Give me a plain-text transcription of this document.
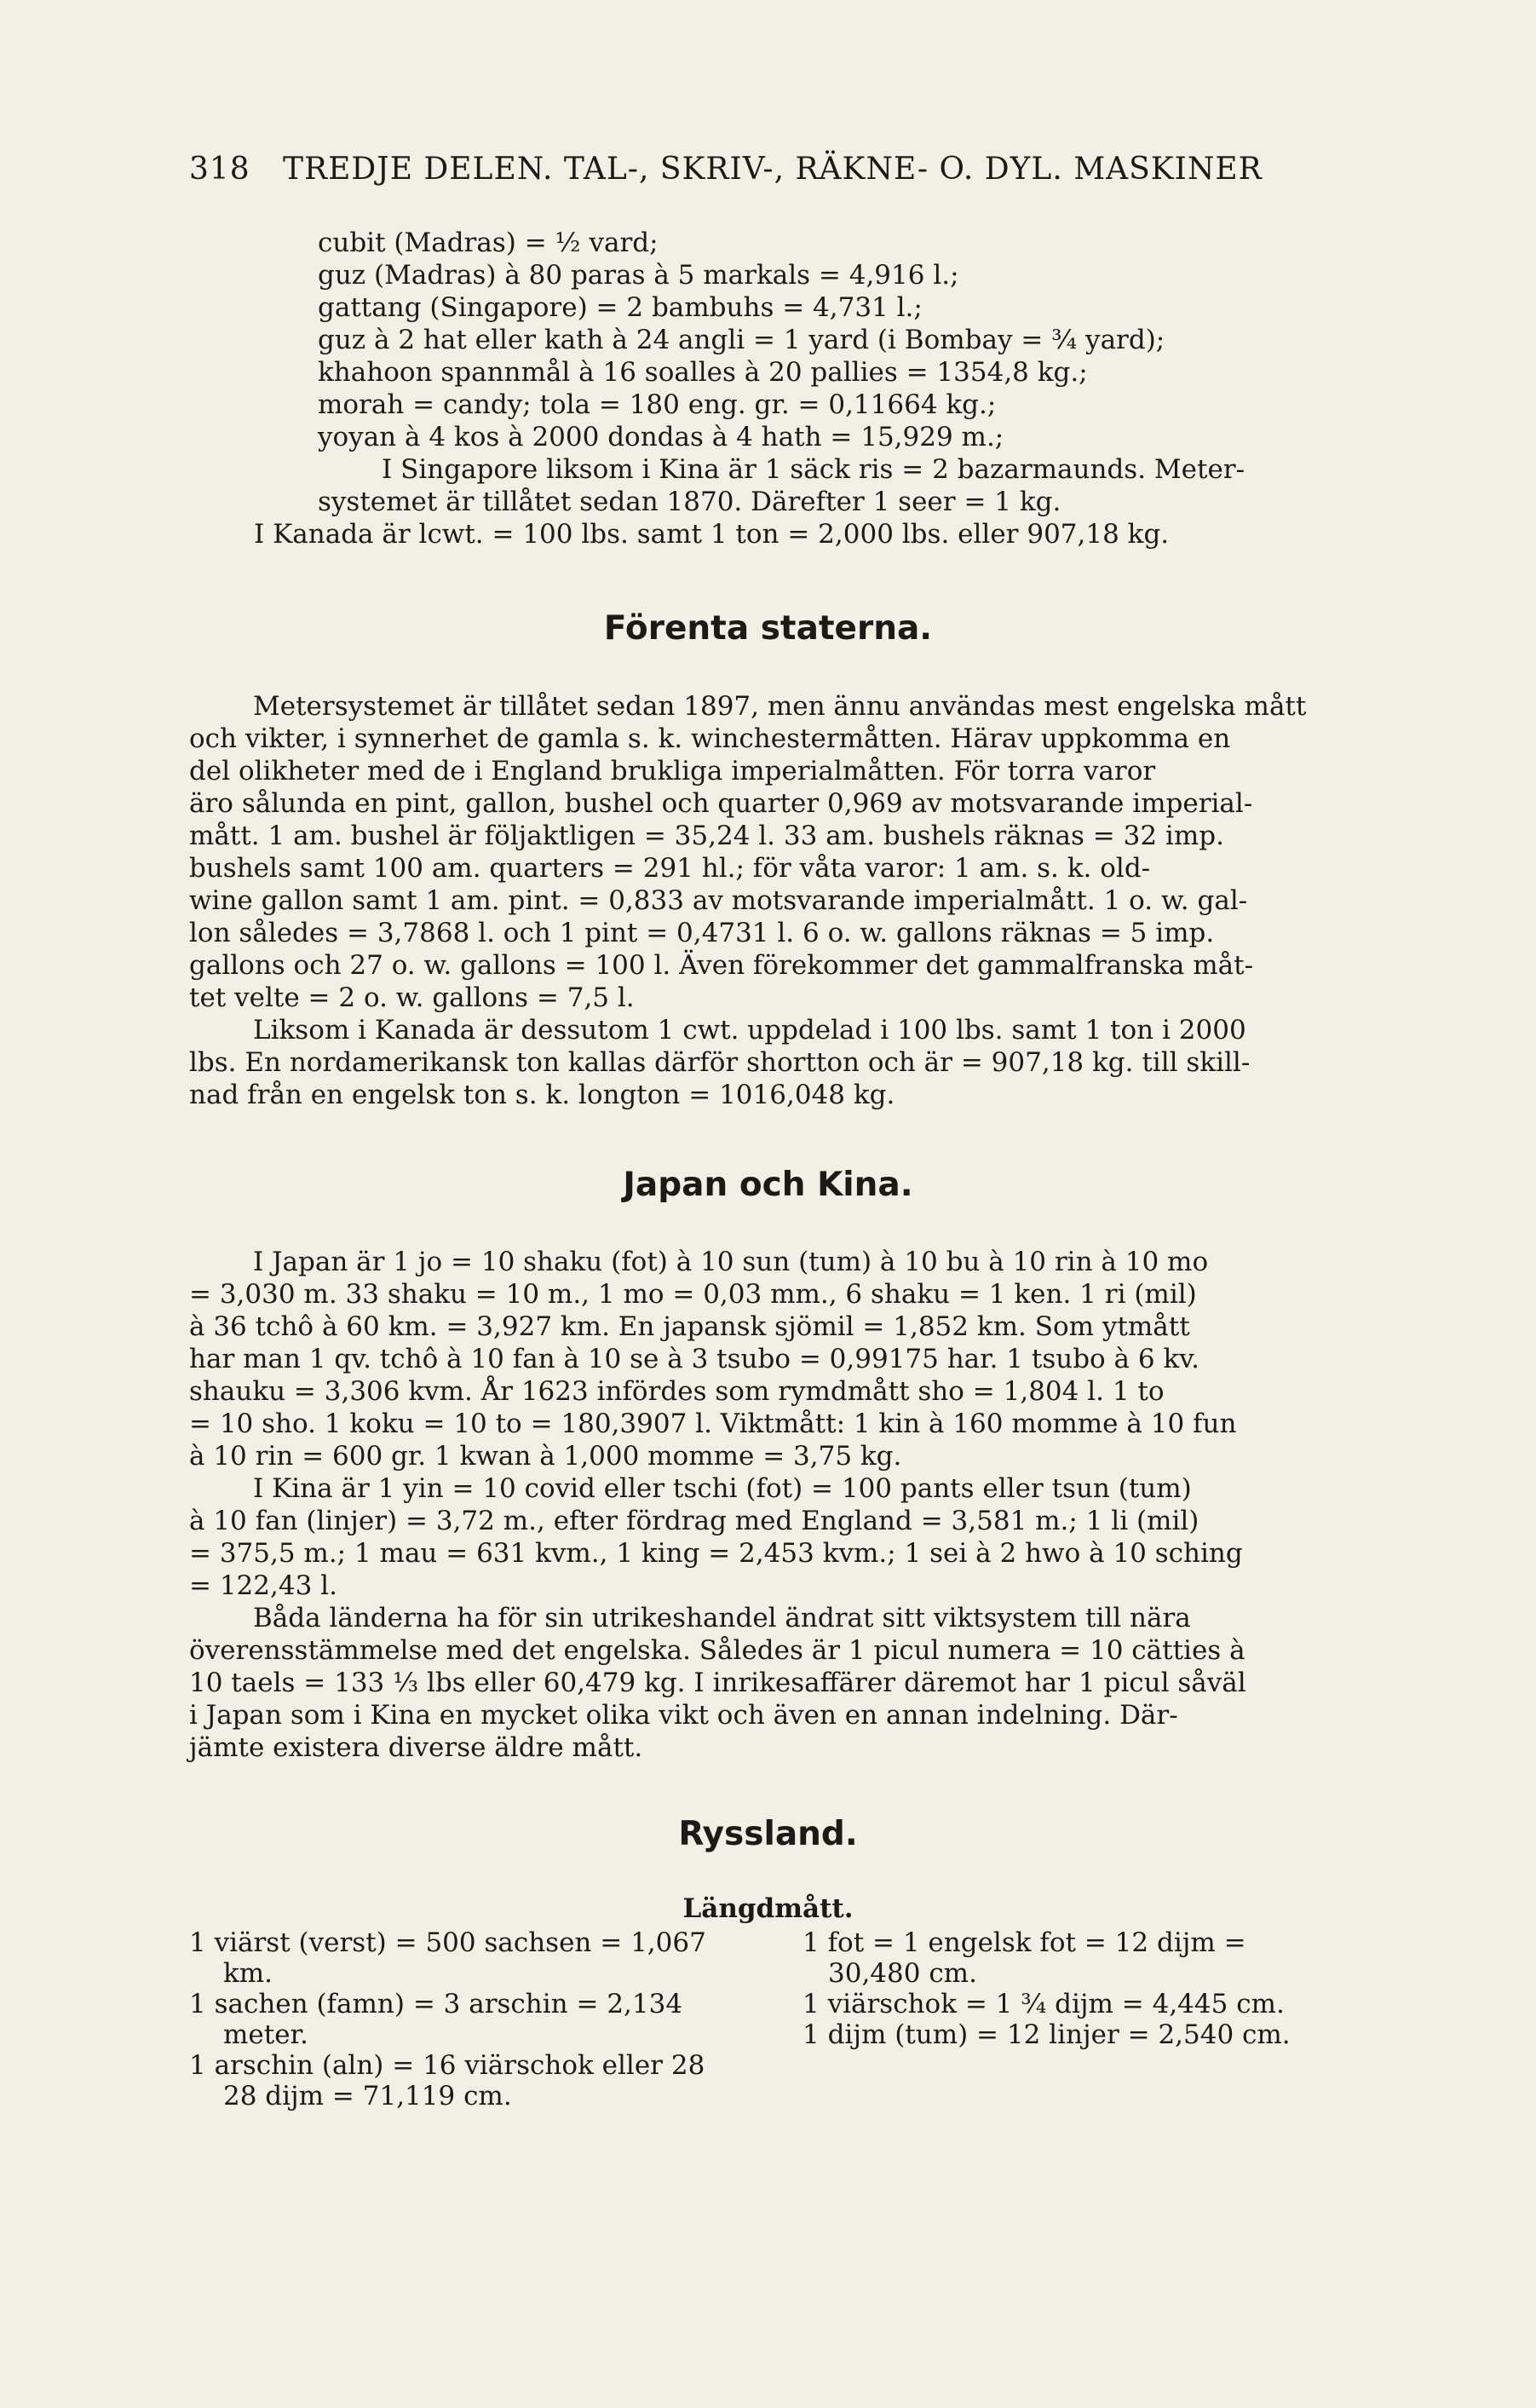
318 TREDJE DELEN. TAL-, SKRIV-, RÄKNE- O. DYL. MASKINER

cubit (Madras) = ½ vard;

guz (Madras) à 80 paras à 5 markals = 4,916 l.;

gattang (Singapore) = 2 bambuhs = 4,731 l.;

guz à 2 hat eller kath à 24 angli = 1 yard (i Bombay = ¾ yard);

khahoon spannmål à 16 soalles à 20 pallies = 1354,8 kg.;

morah = candy; tola = 180 eng. gr. = 0,11664 kg.;

yoyan à 4 kos à 2000 dondas à 4 hath = 15,929 m.;

I Singapore liksom i Kina är 1 säck ris = 2 bazarmaunds. Meter-

systemet är tillåtet sedan 1870. Därefter 1 seer = 1 kg.

I Kanada är lcwt. = 100 lbs. samt 1 ton = 2,000 lbs. eller 907,18 kg.

Förenta staterna.

Metersystemet är tillåtet sedan 1897, men ännu användas mest engelska mått

och vikter, i synnerhet de gamla s. k. winchestermåtten. Härav uppkomma en

del olikheter med de i England brukliga imperialmåtten. För torra varor

äro sålunda en pint, gallon, bushel och quarter 0,969 av motsvarande imperial-

mått. 1 am. bushel är följaktligen = 35,24 l. 33 am. bushels räknas = 32 imp.

bushels samt 100 am. quarters = 291 hl.; för våta varor: 1 am. s. k. old-

wine gallon samt 1 am. pint. = 0,833 av motsvarande imperialmått. 1 o. w. gal-

lon således = 3,7868 l. och 1 pint = 0,4731 l. 6 o. w. gallons räknas = 5 imp.

gallons och 27 o. w. gallons = 100 l. Även förekommer det gammalfranska måt-

tet velte = 2 o. w. gallons = 7,5 l.

Liksom i Kanada är dessutom 1 cwt. uppdelad i 100 lbs. samt 1 ton i 2000

lbs. En nordamerikansk ton kallas därför shortton och är = 907,18 kg. till skill-

nad från en engelsk ton s. k. longton = 1016,048 kg.

Japan och Kina.

I Japan är 1 jo = 10 shaku (fot) à 10 sun (tum) à 10 bu à 10 rin à 10 mo

= 3,030 m. 33 shaku = 10 m., 1 mo = 0,03 mm., 6 shaku = 1 ken. 1 ri (mil)

à 36 tchô à 60 km. = 3,927 km. En japansk sjömil = 1,852 km. Som ytmått

har man 1 qv. tchô à 10 fan à 10 se à 3 tsubo = 0,99175 har. 1 tsubo à 6 kv.

shauku = 3,306 kvm. År 1623 infördes som rymdmått sho = 1,804 l. 1 to

= 10 sho. 1 koku = 10 to = 180,3907 l. Viktmått: 1 kin à 160 momme à 10 fun

à 10 rin = 600 gr. 1 kwan à 1,000 momme = 3,75 kg.

I Kina är 1 yin = 10 covid eller tschi (fot) = 100 pants eller tsun (tum)

à 10 fan (linjer) = 3,72 m., efter fördrag med England = 3,581 m.; 1 li (mil)

= 375,5 m.; 1 mau = 631 kvm., 1 king = 2,453 kvm.; 1 sei à 2 hwo à 10 sching

= 122,43 l.

Båda länderna ha för sin utrikeshandel ändrat sitt viktsystem till nära

överensstämmelse med det engelska. Således är 1 picul numera = 10 cätties à

10 taels = 133 ⅓ lbs eller 60,479 kg. I inrikesaffärer däremot har 1 picul såväl

i Japan som i Kina en mycket olika vikt och även en annan indelning. Där-

jämte existera diverse äldre mått.

Ryssland.
Längdmått.

1 viärst (verst) = 500 sachsen = 1,067

km.

1 sachen (famn) = 3 arschin = 2,134

meter.

1 arschin (aln) = 16 viärschok eller 28

28 dijm = 71,119 cm.

1 fot = 1 engelsk fot = 12 dijm =

30,480 cm.

1 viärschok = 1 ¾ dijm = 4,445 cm.

1 dijm (tum) = 12 linjer = 2,540 cm.
